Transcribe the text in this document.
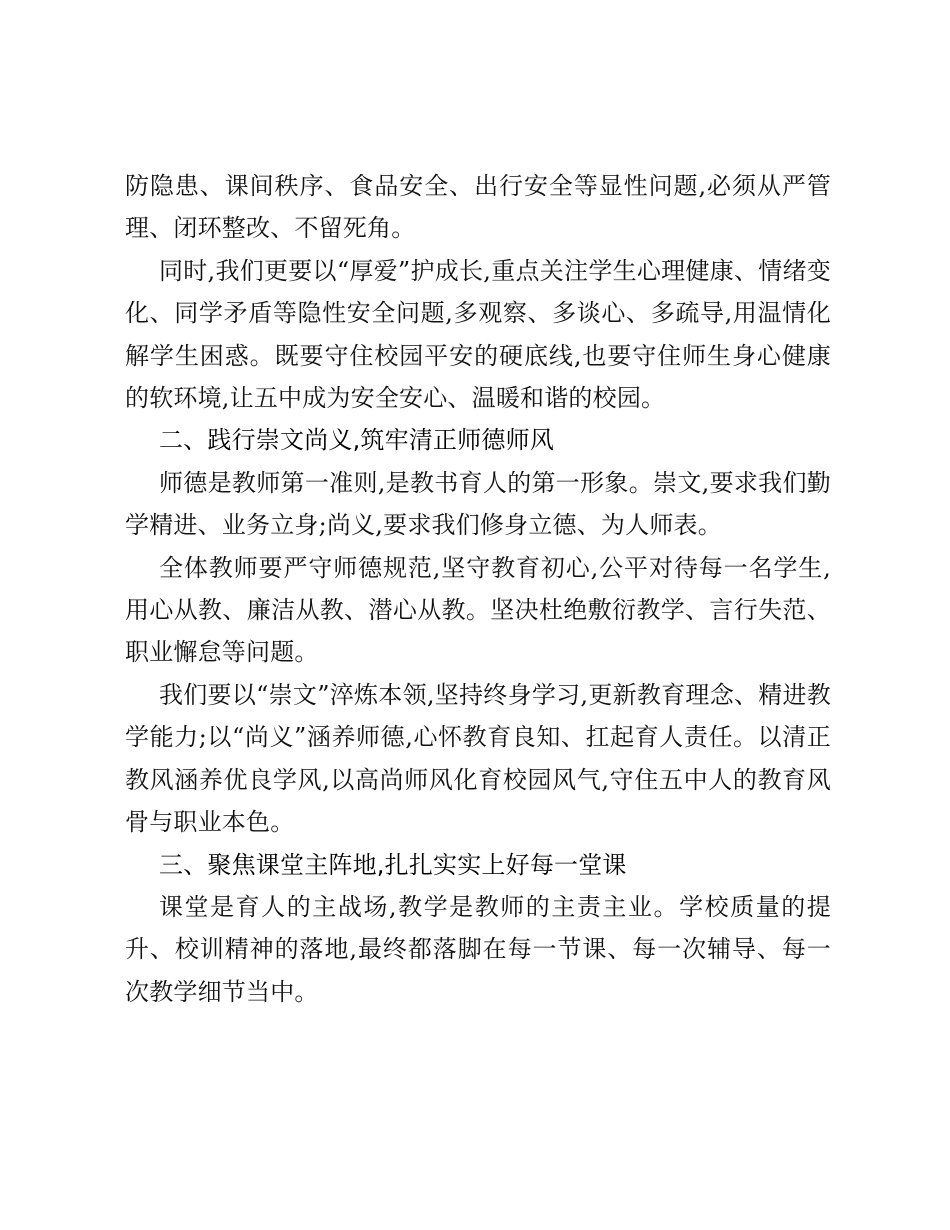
防隐患、课间秩序、食品安全、出行安全等显性问题,必须从严管理、闭环整改、不留死角。

同时,我们更要以“厚爱”护成长,重点关注学生心理健康、情绪变化、同学矛盾等隐性安全问题,多观察、多谈心、多疏导,用温情化解学生困惑。既要守住校园平安的硬底线,也要守住师生身心健康的软环境,让五中成为安全安心、温暖和谐的校园。

二、践行崇文尚义,筑牢清正师德师风

师德是教师第一准则,是教书育人的第一形象。崇文,要求我们勤学精进、业务立身;尚义,要求我们修身立德、为人师表。

全体教师要严守师德规范,坚守教育初心,公平对待每一名学生,用心从教、廉洁从教、潜心从教。坚决杜绝敷衍教学、言行失范、职业懈怠等问题。

我们要以“崇文”淬炼本领,坚持终身学习,更新教育理念、精进教学能力;以“尚义”涵养师德,心怀教育良知、扛起育人责任。以清正教风涵养优良学风,以高尚师风化育校园风气,守住五中人的教育风骨与职业本色。

三、聚焦课堂主阵地,扎扎实实上好每一堂课

课堂是育人的主战场,教学是教师的主责主业。学校质量的提升、校训精神的落地,最终都落脚在每一节课、每一次辅导、每一次教学细节当中。
